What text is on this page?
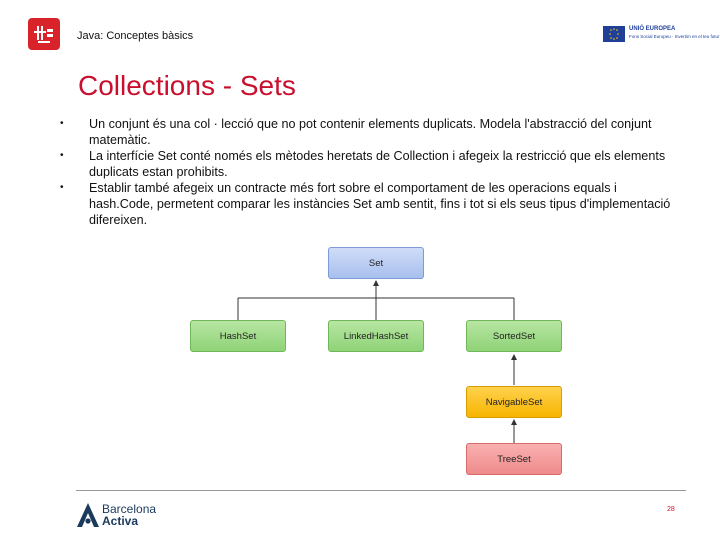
Java: Conceptes bàsics
UNIÓ EUROPEA
Fons Social Europeu · Invertim en el teu futur
Collections - Sets
• Un conjunt és una col · lecció que no pot contenir elements duplicats. Modela l'abstracció del conjunt matemàtic.
• La interfície Set conté només els mètodes heretats de Collection i afegeix la restricció que els elements duplicats estan prohibits.
• Establir també afegeix un contracte més fort sobre el comportament de les operacions equals i hash.Code, permetent comparar les instàncies Set amb sentit, fins i tot si els seus tipus d'implementació difereixen.
Set
HashSet	LinkedHashSet	SortedSet
NavigableSet
TreeSet
Barcelona
Activa
28
